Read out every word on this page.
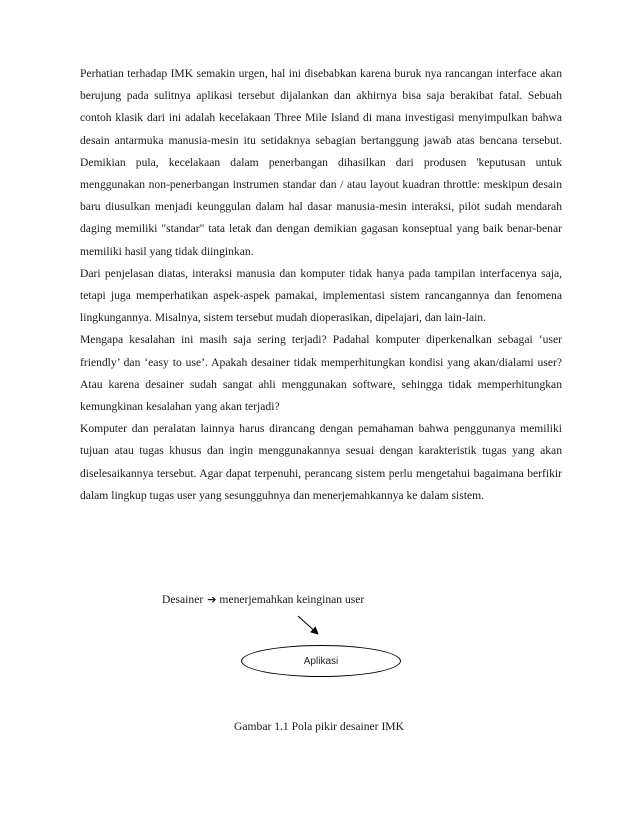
Perhatian terhadap IMK semakin urgen, hal ini disebabkan karena buruk nya rancangan interface akan berujung pada sulitnya aplikasi tersebut dijalankan dan akhirnya bisa saja berakibat fatal. Sebuah contoh klasik dari ini adalah kecelakaan Three Mile Island di mana investigasi menyimpulkan bahwa desain antarmuka manusia-mesin itu setidaknya sebagian bertanggung jawab atas bencana tersebut. Demikian pula, kecelakaan dalam penerbangan dihasilkan dari produsen 'keputusan untuk menggunakan non-penerbangan instrumen standar dan / atau layout kuadran throttle: meskipun desain baru diusulkan menjadi keunggulan dalam hal dasar manusia-mesin interaksi, pilot sudah mendarah daging memiliki "standar" tata letak dan dengan demikian gagasan konseptual yang baik benar-benar memiliki hasil yang tidak diinginkan.

Dari penjelasan diatas, interaksi manusia dan komputer tidak hanya pada tampilan interfacenya saja, tetapi juga memperhatikan aspek-aspek pamakai, implementasi sistem rancangannya dan fenomena lingkungannya. Misalnya, sistem tersebut mudah dioperasikan, dipelajari, dan lain-lain.

Mengapa kesalahan ini masih saja sering terjadi? Padahal komputer diperkenalkan sebagai ‘user friendly’ dan ‘easy to use’. Apakah desainer tidak memperhitungkan kondisi yang akan/dialami user? Atau karena desainer sudah sangat ahli menggunakan software, sehingga tidak memperhitungkan kemungkinan kesalahan yang akan terjadi?

Komputer dan peralatan lainnya harus dirancang dengan pemahaman bahwa penggunanya memiliki tujuan atau tugas khusus dan ingin menggunakannya sesuai dengan karakteristik tugas yang akan diselesaikannya tersebut. Agar dapat terpenuhi, perancang sistem perlu mengetahui bagaimana berfikir dalam lingkup tugas user yang sesungguhnya dan menerjemahkannya ke dalam sistem.

Desainer ➔ menerjemahkan keinginan user
Aplikasi
Gambar 1.1 Pola pikir desainer IMK
